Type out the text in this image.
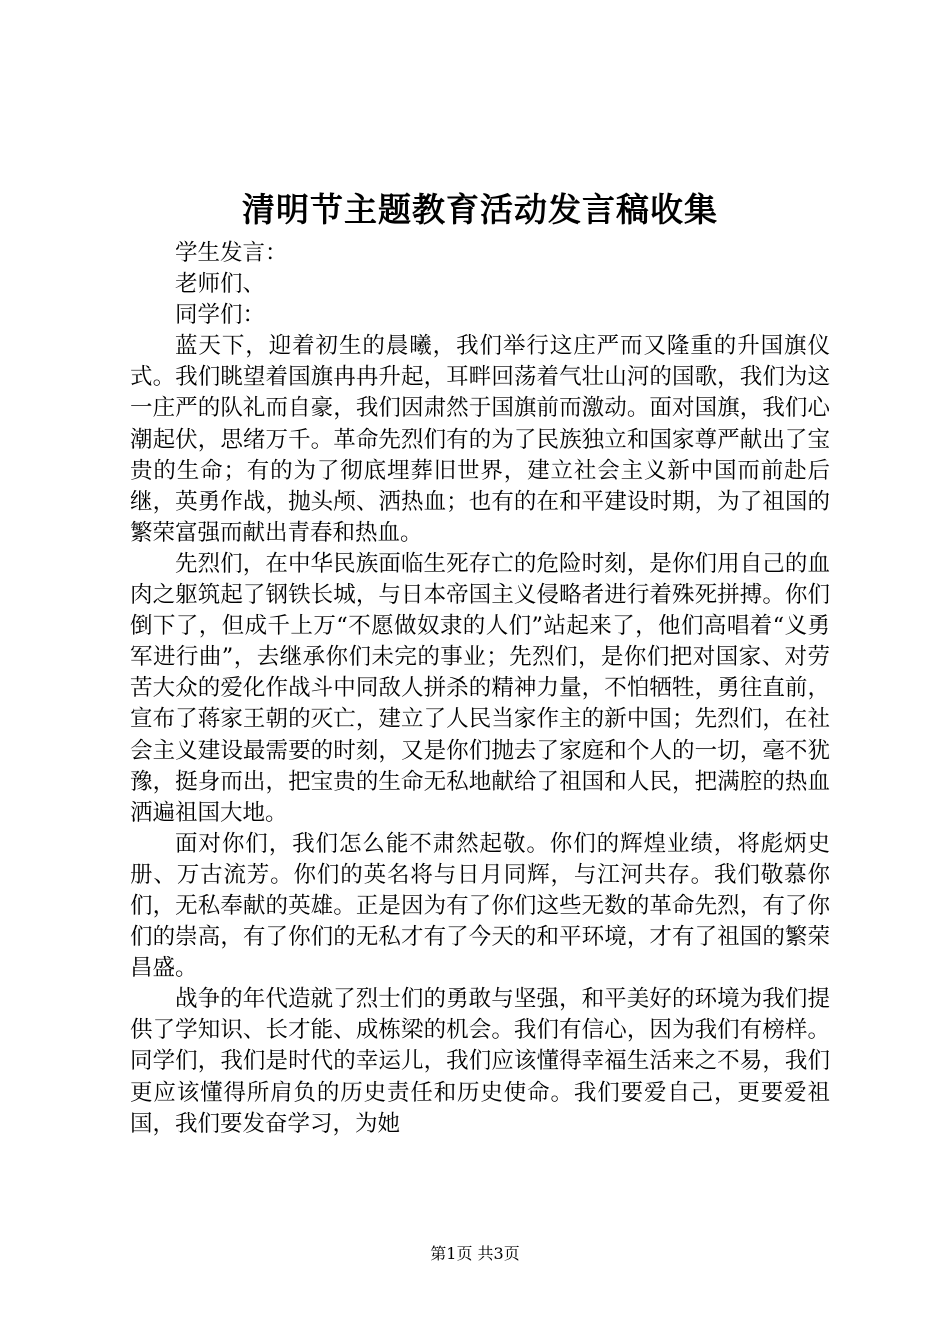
清明节主题教育活动发言稿收集

学生发言：

老师们、

同学们：

蓝天下，迎着初生的晨曦，我们举行这庄严而又隆重的升国旗仪式。我们眺望着国旗冉冉升起，耳畔回荡着气壮山河的国歌，我们为这一庄严的队礼而自豪，我们因肃然于国旗前而激动。面对国旗，我们心潮起伏，思绪万千。革命先烈们有的为了民族独立和国家尊严献出了宝贵的生命；有的为了彻底埋葬旧世界，建立社会主义新中国而前赴后继，英勇作战，抛头颅、洒热血；也有的在和平建设时期，为了祖国的繁荣富强而献出青春和热血。

先烈们，在中华民族面临生死存亡的危险时刻，是你们用自己的血肉之躯筑起了钢铁长城，与日本帝国主义侵略者进行着殊死拼搏。你们倒下了，但成千上万“不愿做奴隶的人们”站起来了，他们高唱着“义勇军进行曲”，去继承你们未完的事业；先烈们，是你们把对国家、对劳苦大众的爱化作战斗中同敌人拼杀的精神力量，不怕牺牲，勇往直前，宣布了蒋家王朝的灭亡，建立了人民当家作主的新中国；先烈们，在社会主义建设最需要的时刻，又是你们抛去了家庭和个人的一切，毫不犹豫，挺身而出，把宝贵的生命无私地献给了祖国和人民，把满腔的热血洒遍祖国大地。

面对你们，我们怎么能不肃然起敬。你们的辉煌业绩，将彪炳史册、万古流芳。你们的英名将与日月同辉，与江河共存。我们敬慕你们，无私奉献的英雄。正是因为有了你们这些无数的革命先烈，有了你们的崇高，有了你们的无私才有了今天的和平环境，才有了祖国的繁荣昌盛。

战争的年代造就了烈士们的勇敢与坚强，和平美好的环境为我们提供了学知识、长才能、成栋梁的机会。我们有信心，因为我们有榜样。同学们，我们是时代的幸运儿，我们应该懂得幸福生活来之不易，我们更应该懂得所肩负的历史责任和历史使命。我们要爱自己，更要爱祖国，我们要发奋学习，为她

第1页 共3页
